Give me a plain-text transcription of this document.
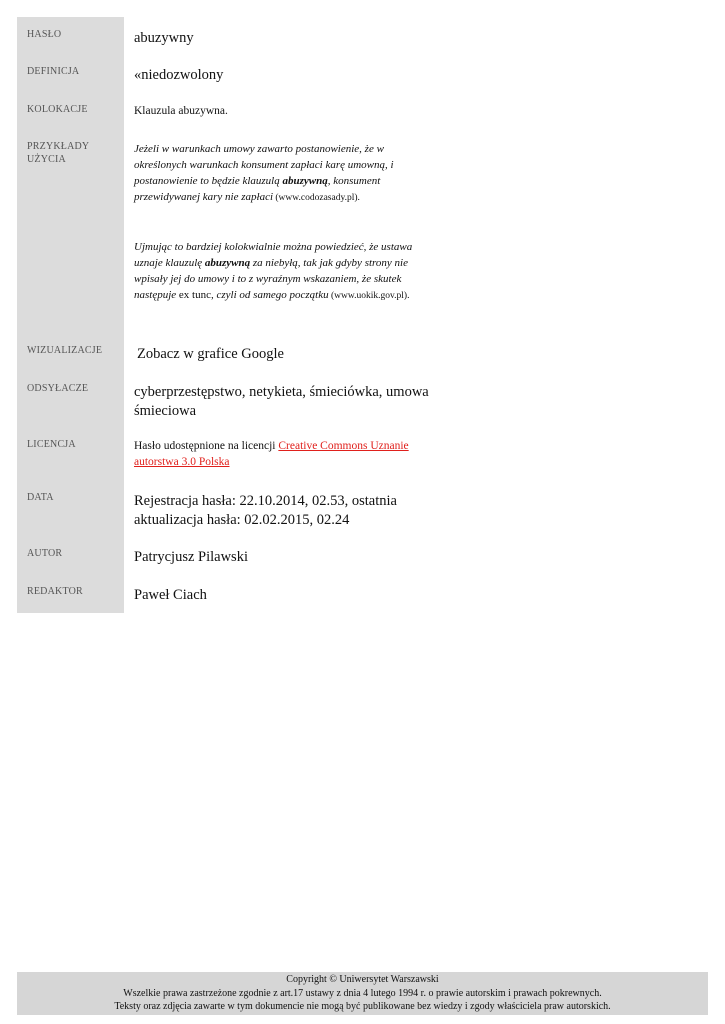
HASŁO	abuzywny
DEFINICJA	«niedozwolony
KOLOKACJE	Klauzula abuzywna.
PRZYKŁADY UŻYCIA
Jeżeli w warunkach umowy zawarto postanowienie, że w określonych warunkach konsument zapłaci karę umowną, i postanowienie to będzie klauzulą abuzywną, konsument przewidywanej kary nie zapłaci (www.codozasady.pl).
Ujmując to bardziej kolokwialnie można powiedzieć, że ustawa uznaje klauzulę abuzywną za niebyłą, tak jak gdyby strony nie wpisały jej do umowy i to z wyraźnym wskazaniem, że skutek następuje ex tunc, czyli od samego początku (www.uokik.gov.pl).
WIZUALIZACJE	Zobacz w grafice Google
ODSYŁACZE	cyberprzestępstwo, netykieta, śmieciówka, umowa śmieciowa
LICENCJA	Hasło udostępnione na licencji Creative Commons Uznanie autorstwa 3.0 Polska
DATA	Rejestracja hasła: 22.10.2014, 02.53, ostatnia aktualizacja hasła: 02.02.2015, 02.24
AUTOR	Patrycjusz Pilawski
REDAKTOR	Paweł Ciach
Copyright © Uniwersytet Warszawski
Wszelkie prawa zastrzeżone zgodnie z art.17 ustawy z dnia 4 lutego 1994 r. o prawie autorskim i prawach pokrewnych.
Teksty oraz zdjęcia zawarte w tym dokumencie nie mogą być publikowane bez wiedzy i zgody właściciela praw autorskich.
